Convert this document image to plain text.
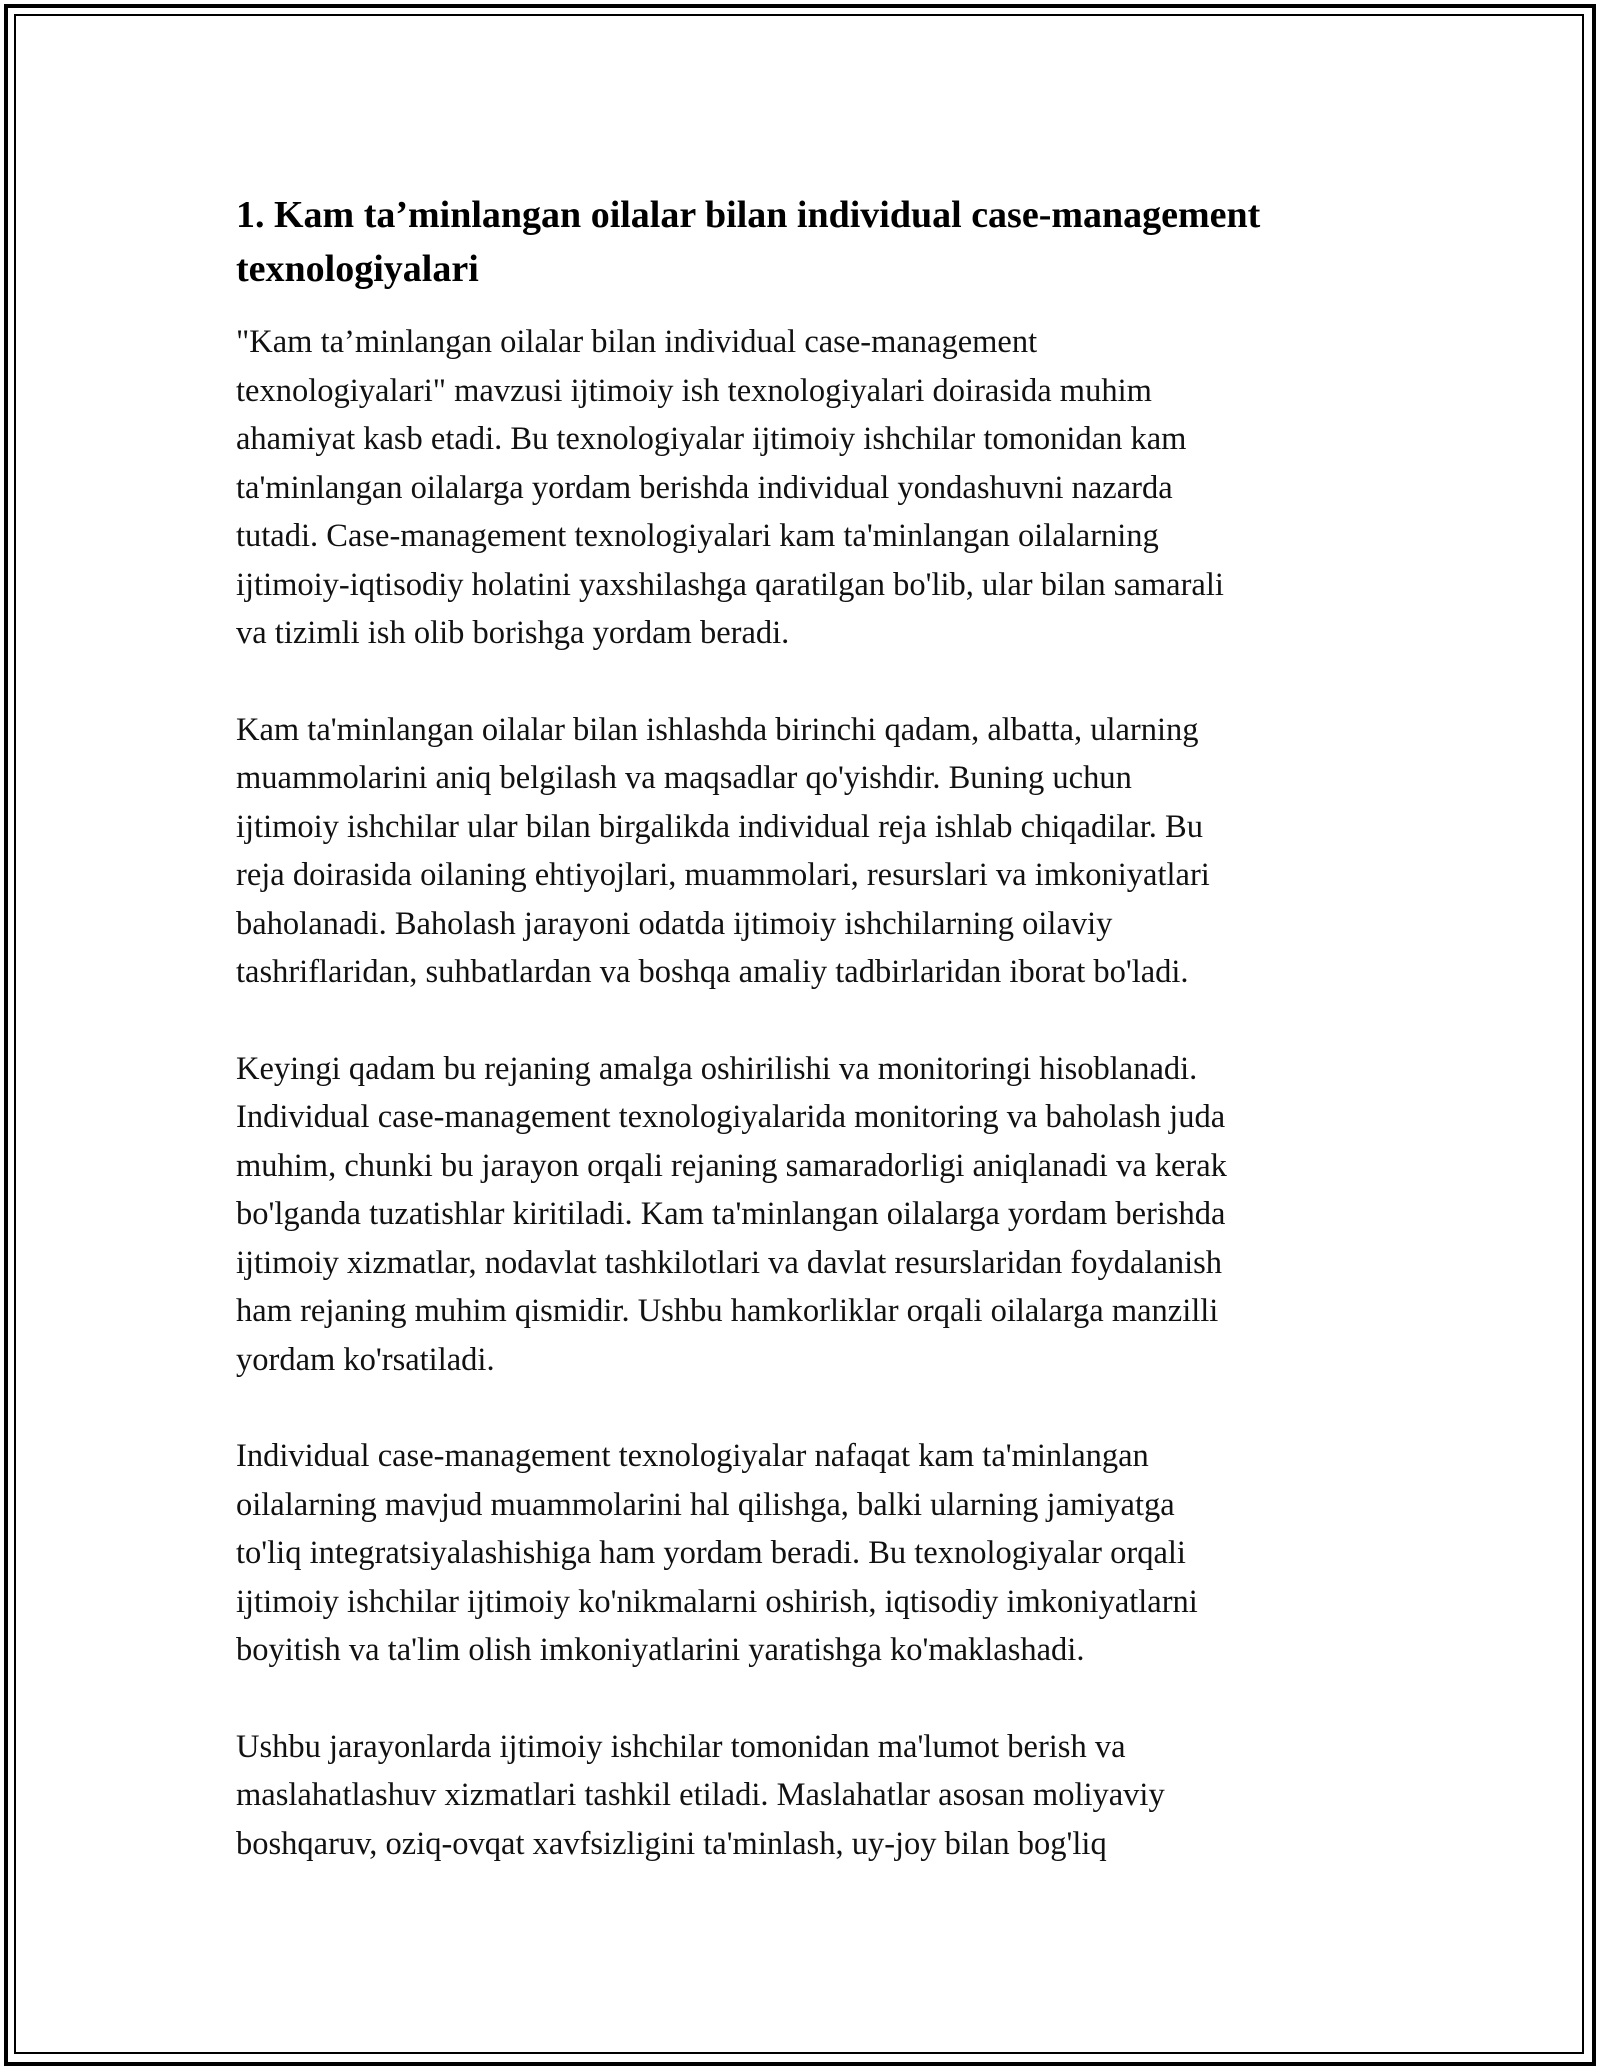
1. Kam ta’minlangan oilalar bilan individual case-management
texnologiyalari

"Kam ta’minlangan oilalar bilan individual case-management
texnologiyalari" mavzusi ijtimoiy ish texnologiyalari doirasida muhim
ahamiyat kasb etadi. Bu texnologiyalar ijtimoiy ishchilar tomonidan kam
ta'minlangan oilalarga yordam berishda individual yondashuvni nazarda
tutadi. Case-management texnologiyalari kam ta'minlangan oilalarning
ijtimoiy-iqtisodiy holatini yaxshilashga qaratilgan bo'lib, ular bilan samarali
va tizimli ish olib borishga yordam beradi.

Kam ta'minlangan oilalar bilan ishlashda birinchi qadam, albatta, ularning
muammolarini aniq belgilash va maqsadlar qo'yishdir. Buning uchun
ijtimoiy ishchilar ular bilan birgalikda individual reja ishlab chiqadilar. Bu
reja doirasida oilaning ehtiyojlari, muammolari, resurslari va imkoniyatlari
baholanadi. Baholash jarayoni odatda ijtimoiy ishchilarning oilaviy
tashriflaridan, suhbatlardan va boshqa amaliy tadbirlaridan iborat bo'ladi.

Keyingi qadam bu rejaning amalga oshirilishi va monitoringi hisoblanadi.
Individual case-management texnologiyalarida monitoring va baholash juda
muhim, chunki bu jarayon orqali rejaning samaradorligi aniqlanadi va kerak
bo'lganda tuzatishlar kiritiladi. Kam ta'minlangan oilalarga yordam berishda
ijtimoiy xizmatlar, nodavlat tashkilotlari va davlat resurslaridan foydalanish
ham rejaning muhim qismidir. Ushbu hamkorliklar orqali oilalarga manzilli
yordam ko'rsatiladi.

Individual case-management texnologiyalar nafaqat kam ta'minlangan
oilalarning mavjud muammolarini hal qilishga, balki ularning jamiyatga
to'liq integratsiyalashishiga ham yordam beradi. Bu texnologiyalar orqali
ijtimoiy ishchilar ijtimoiy ko'nikmalarni oshirish, iqtisodiy imkoniyatlarni
boyitish va ta'lim olish imkoniyatlarini yaratishga ko'maklashadi.

Ushbu jarayonlarda ijtimoiy ishchilar tomonidan ma'lumot berish va
maslahatlashuv xizmatlari tashkil etiladi. Maslahatlar asosan moliyaviy
boshqaruv, oziq-ovqat xavfsizligini ta'minlash, uy-joy bilan bog'liq
